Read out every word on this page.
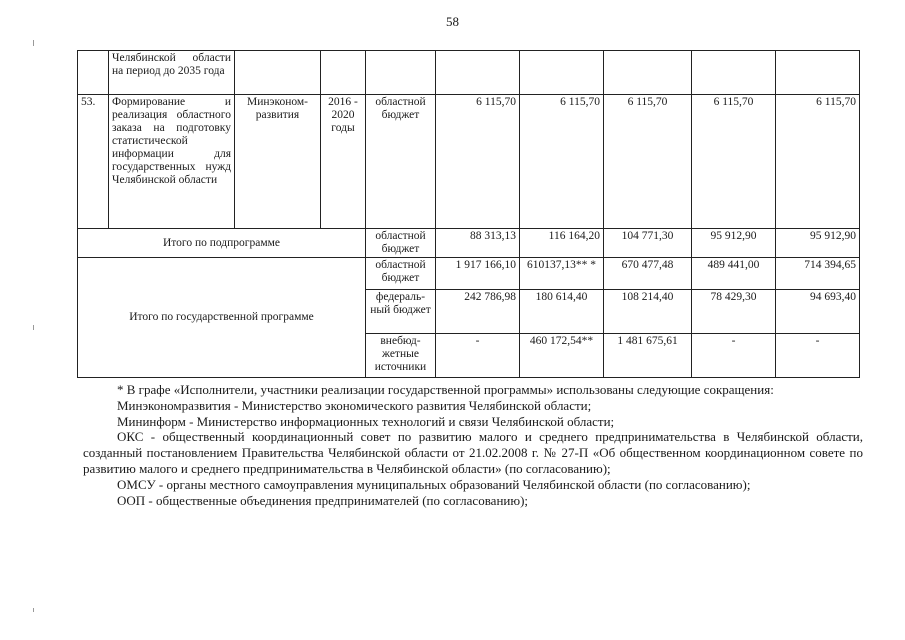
58
	Челябинской области на период до 2035 года								
53.	Формирование и реализация областного заказа на подготовку статистической информации для государственных нужд Челябинской области	Минэконом-развития	2016 - 2020 годы	областной бюджет	6 115,70	6 115,70	6 115,70	6 115,70	6 115,70
Итого по подпрограмме				областной бюджет	88 313,13	116 164,20	104 771,30	95 912,90	95 912,90
Итого по государственной программе				областной бюджет	1 917 166,10	610137,13** *	670 477,48	489 441,00	714 394,65
				федераль-ный бюджет	242 786,98	180 614,40	108 214,40	78 429,30	94 693,40
				внебюд-жетные источники	-	460 172,54**	1 481 675,61	-	-

* В графе «Исполнители, участники реализации государственной программы» использованы следующие сокращения:

Минэкономразвития - Министерство экономического развития Челябинской области;

Мининформ - Министерство информационных технологий и связи Челябинской области;

ОКС - общественный координационный совет по развитию малого и среднего предпринимательства в Челябинской области, созданный постановлением Правительства Челябинской области от 21.02.2008 г. № 27-П «Об общественном координационном совете по развитию малого и среднего предпринимательства в Челябинской области» (по согласованию);

ОМСУ - органы местного самоуправления муниципальных образований Челябинской области (по согласованию);

ООП - общественные объединения предпринимателей (по согласованию);
